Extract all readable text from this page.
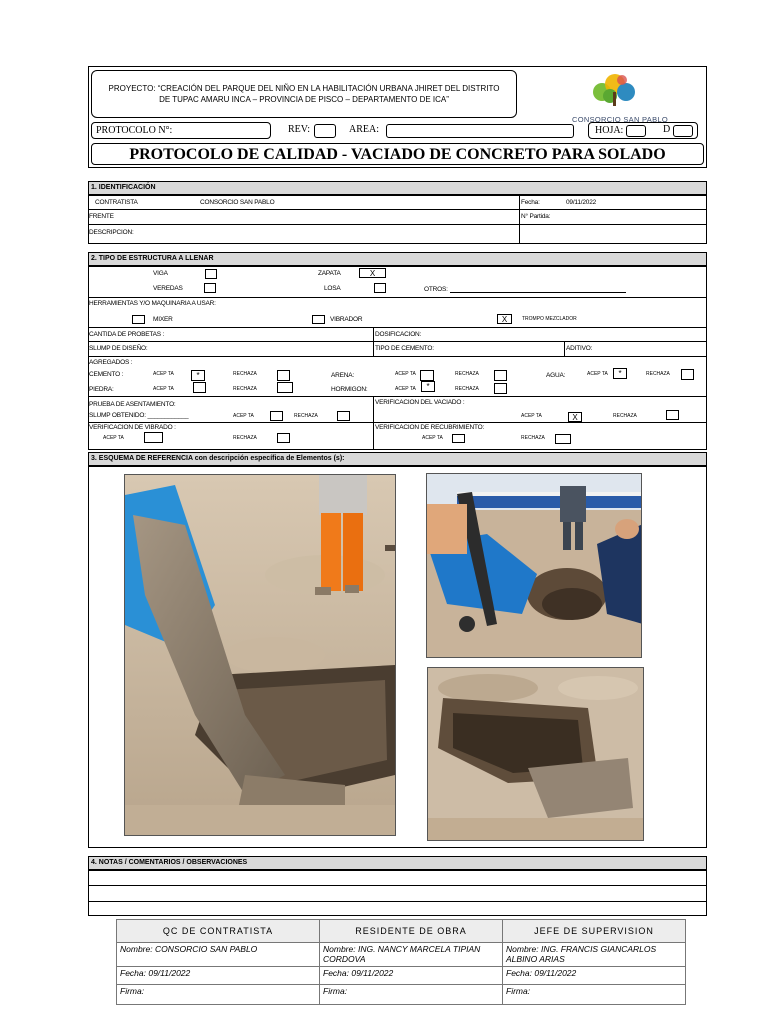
PROYECTO: “CREACIÓN DEL PARQUE DEL NIÑO EN LA HABILITACIÓN URBANA JHIRET DEL DISTRITO DE TUPAC AMARU INCA – PROVINCIA DE PISCO – DEPARTAMENTO DE ICA”
CONSORCIO SAN PABLO
PROTOCOLO N°:	REV:	AREA:	HOJA:	D
PROTOCOLO DE CALIDAD - VACIADO DE CONCRETO PARA SOLADO
1. IDENTIFICACIÓN
CONTRATISTA	CONSORCIO SAN PABLO	Fecha:	09/11/2022
FRENTE	N° Partida:
DESCRIPCION:
2. TIPO DE ESTRUCTURA A LLENAR
VIGA	ZAPATA	X
VEREDAS	LOSA	OTROS:
HERRAMIENTAS Y/O MAQUINARIA A USAR:
MIXER	VIBRADOR	X	TROMPO MEZCLADOR
CANTIDA DE PROBETAS :	DOSIFICACION:
SLUMP DE DISEÑO:	TIPO DE CEMENTO:	ADITIVO:
AGREGADOS :
CEMENTO :	ACEP TA	*	RECHAZA	ARENA:	ACEP TA	RECHAZA	AGUA:	ACEP TA	*	RECHAZA
PIEDRA:	ACEP TA	RECHAZA	HORMIGON:	ACEP TA	*	RECHAZA
PRUEBA DE ASENTAMIENTO:
SLUMP OBTENIDO: ____________	ACEP TA	RECHAZA
VERIFICACION DEL VACIADO :
ACEP TA	X	RECHAZA
VERIFICACION DE VIBRADO :
ACEP TA	RECHAZA
VERIFICACION DE RECUBRIMIENTO:
ACEP TA	RECHAZA
3. ESQUEMA DE REFERENCIA con descripción específica de Elementos (s):
4. NOTAS / COMENTARIOS / OBSERVACIONES
QC DE CONTRATISTA	RESIDENTE DE OBRA	JEFE DE SUPERVISION
Nombre: CONSORCIO SAN PABLO	Nombre: ING. NANCY MARCELA TIPIAN CORDOVA	Nombre: ING. FRANCIS GIANCARLOS ALBINO ARIAS
Fecha: 09/11/2022	Fecha: 09/11/2022	Fecha: 09/11/2022
Firma:	Firma:	Firma:
